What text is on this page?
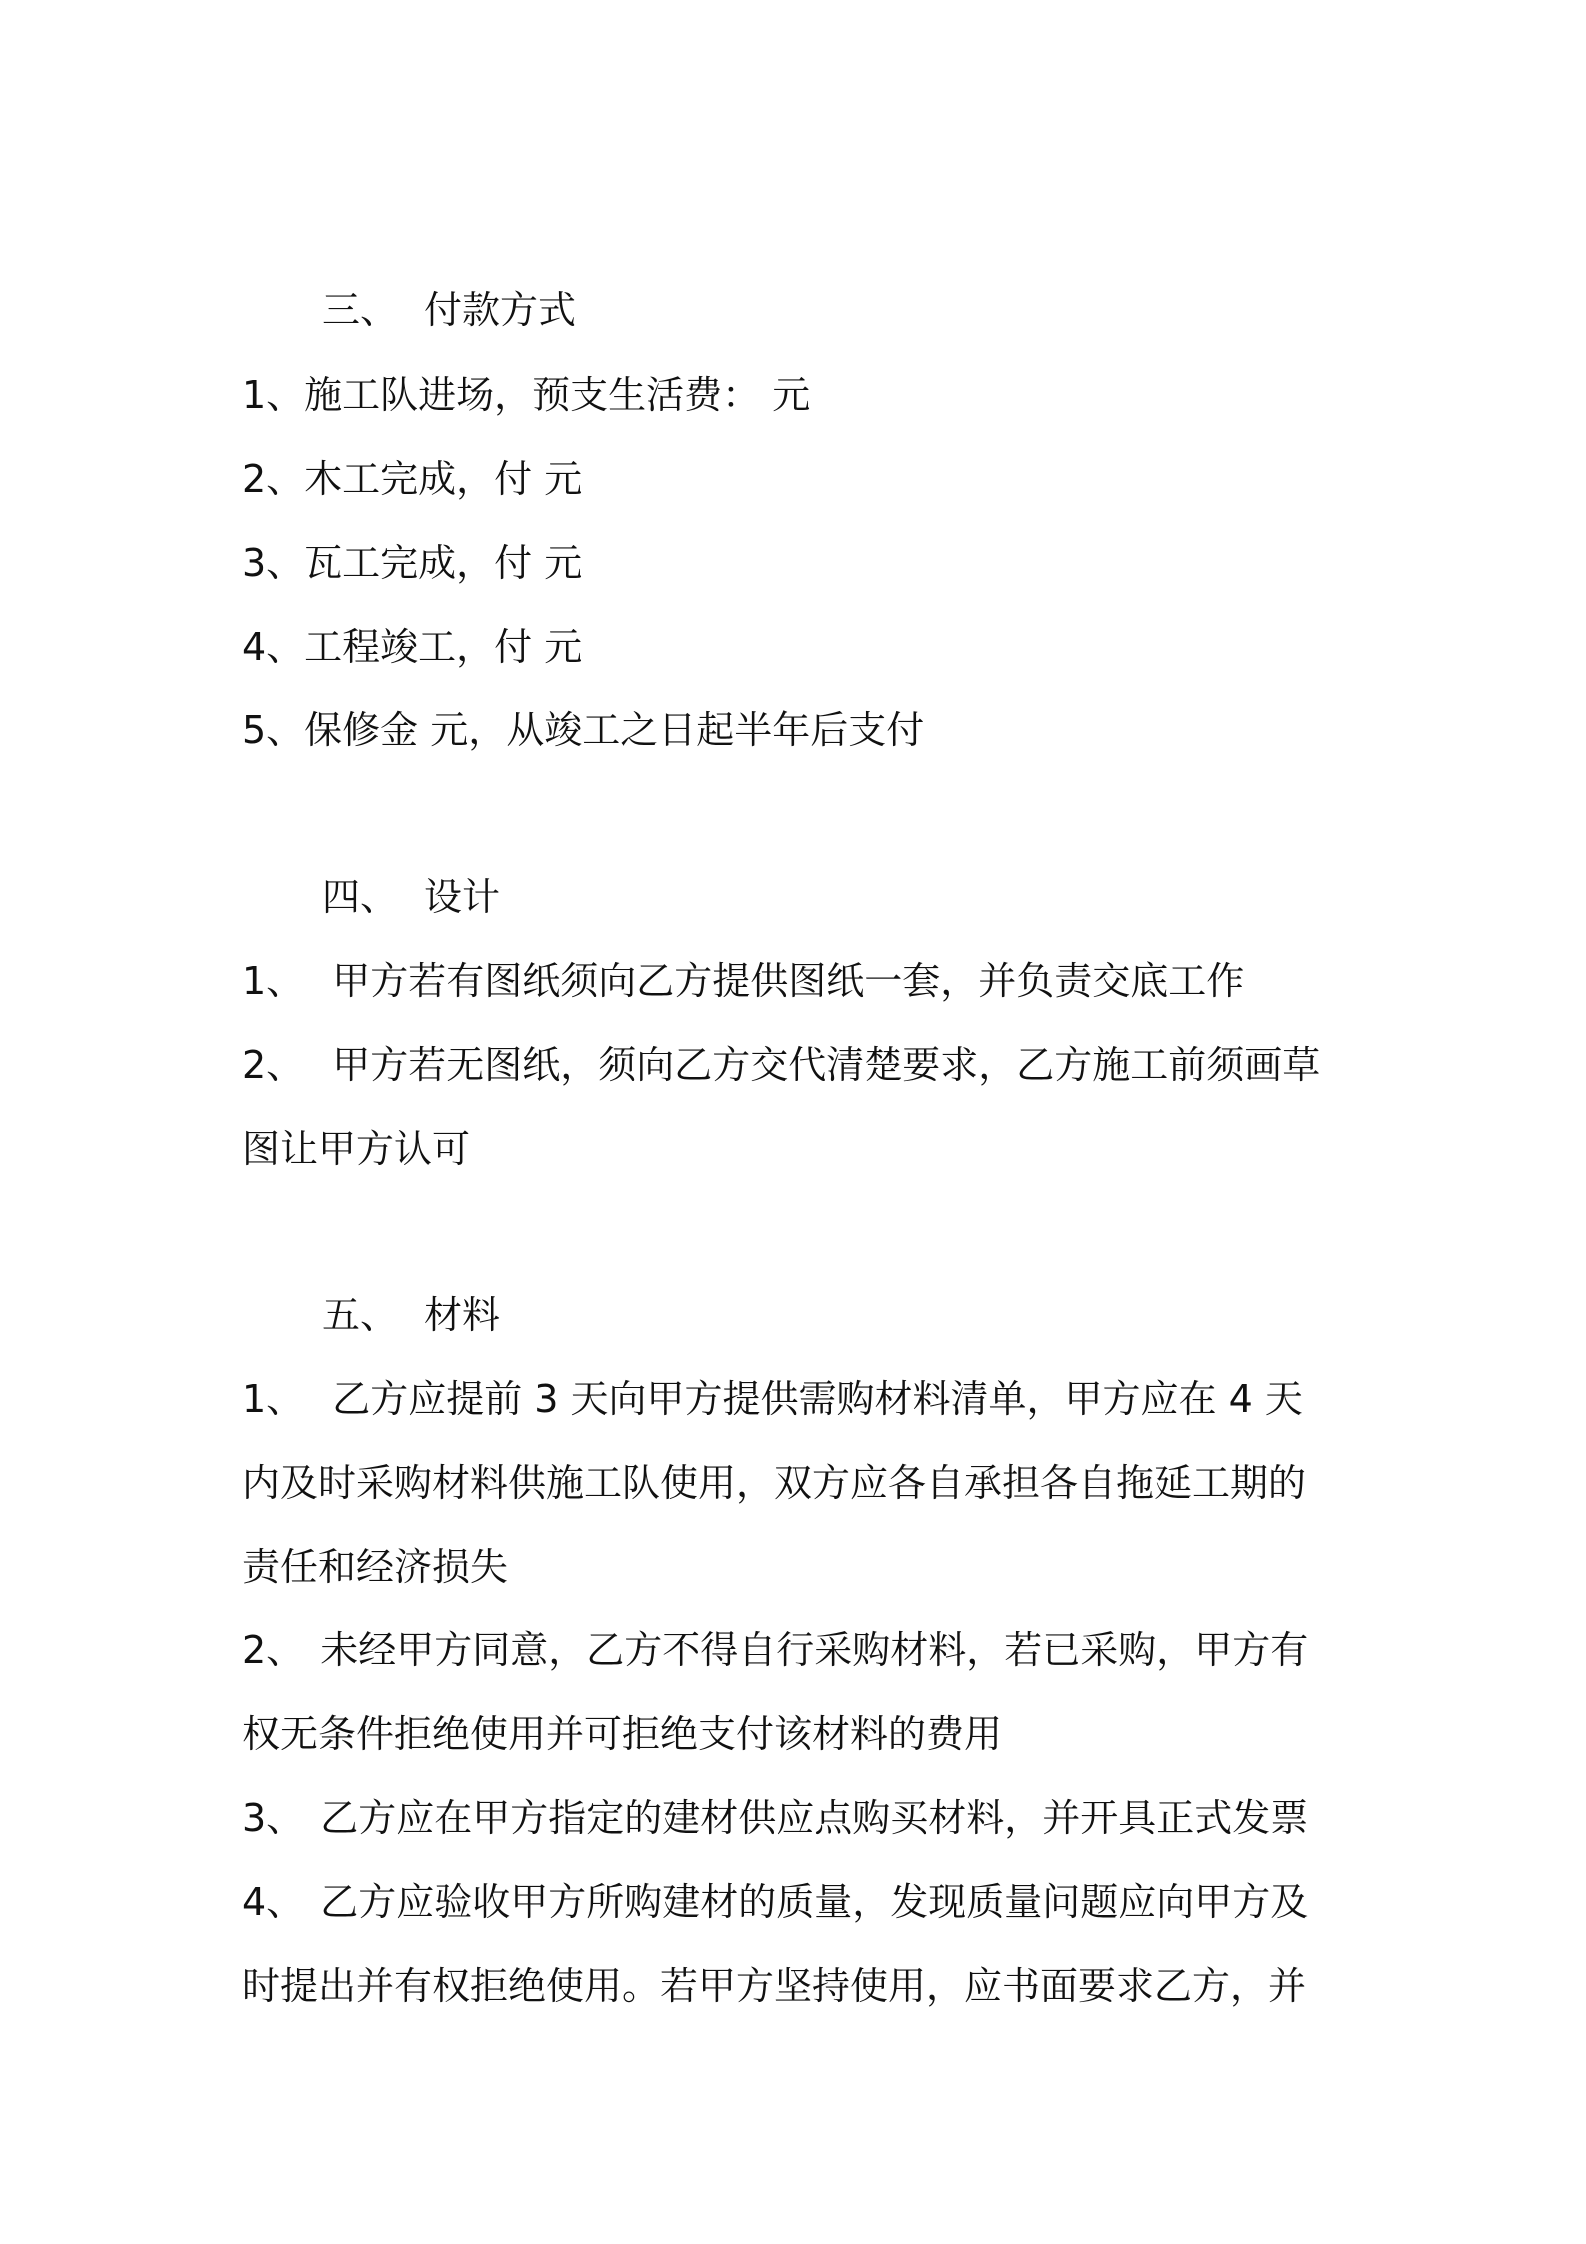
三、 付款方式
1、施工队进场，预支生活费： 元
2、木工完成，付 元
3、瓦工完成，付 元
4、工程竣工，付 元
5、保修金 元，从竣工之日起半年后支付
四、 设计
1、 甲方若有图纸须向乙方提供图纸一套，并负责交底工作
2、 甲方若无图纸，须向乙方交代清楚要求，乙方施工前须画草
图让甲方认可
五、 材料
1、 乙方应提前 3 天向甲方提供需购材料清单，甲方应在 4 天
内及时采购材料供施工队使用，双方应各自承担各自拖延工期的
责任和经济损失
2、 未经甲方同意，乙方不得自行采购材料，若已采购，甲方有
权无条件拒绝使用并可拒绝支付该材料的费用
3、 乙方应在甲方指定的建材供应点购买材料，并开具正式发票
4、 乙方应验收甲方所购建材的质量，发现质量问题应向甲方及
时提出并有权拒绝使用。若甲方坚持使用，应书面要求乙方，并
